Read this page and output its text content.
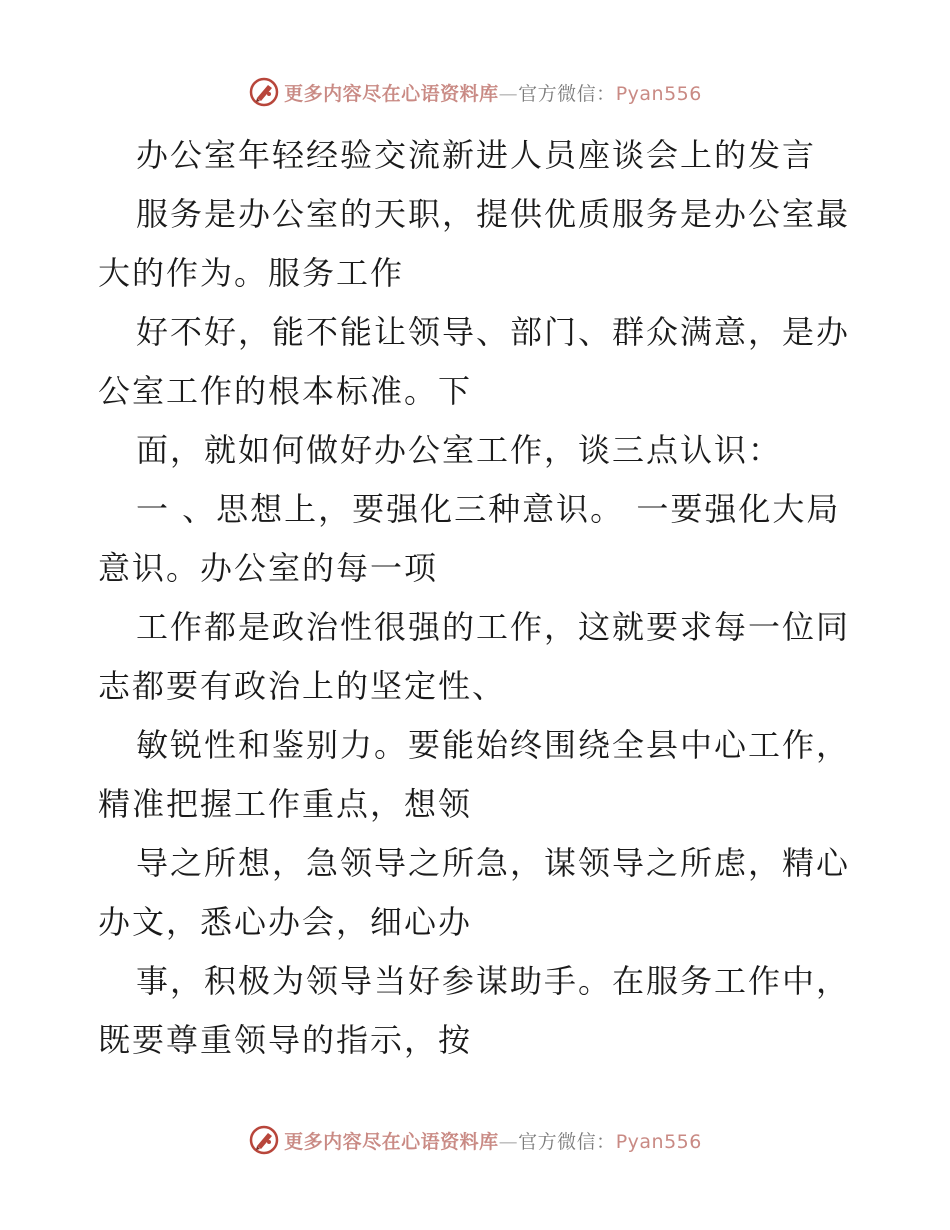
更多内容尽在心语资料库—官方微信：Pyan556

办公室年轻经验交流新进人员座谈会上的发言

服务是办公室的天职，提供优质服务是办公室最大的作为。服务工作

好不好，能不能让领导、部门、群众满意，是办公室工作的根本标准。下

面，就如何做好办公室工作，谈三点认识：

一 、思想上，要强化三种意识。 一要强化大局意识。办公室的每一项

工作都是政治性很强的工作，这就要求每一位同志都要有政治上的坚定性、

敏锐性和鉴别力。要能始终围绕全县中心工作，精准把握工作重点，想领

导之所想，急领导之所急，谋领导之所虑，精心办文，悉心办会，细心办

事，积极为领导当好参谋助手。在服务工作中，既要尊重领导的指示，按

更多内容尽在心语资料库—官方微信：Pyan556
